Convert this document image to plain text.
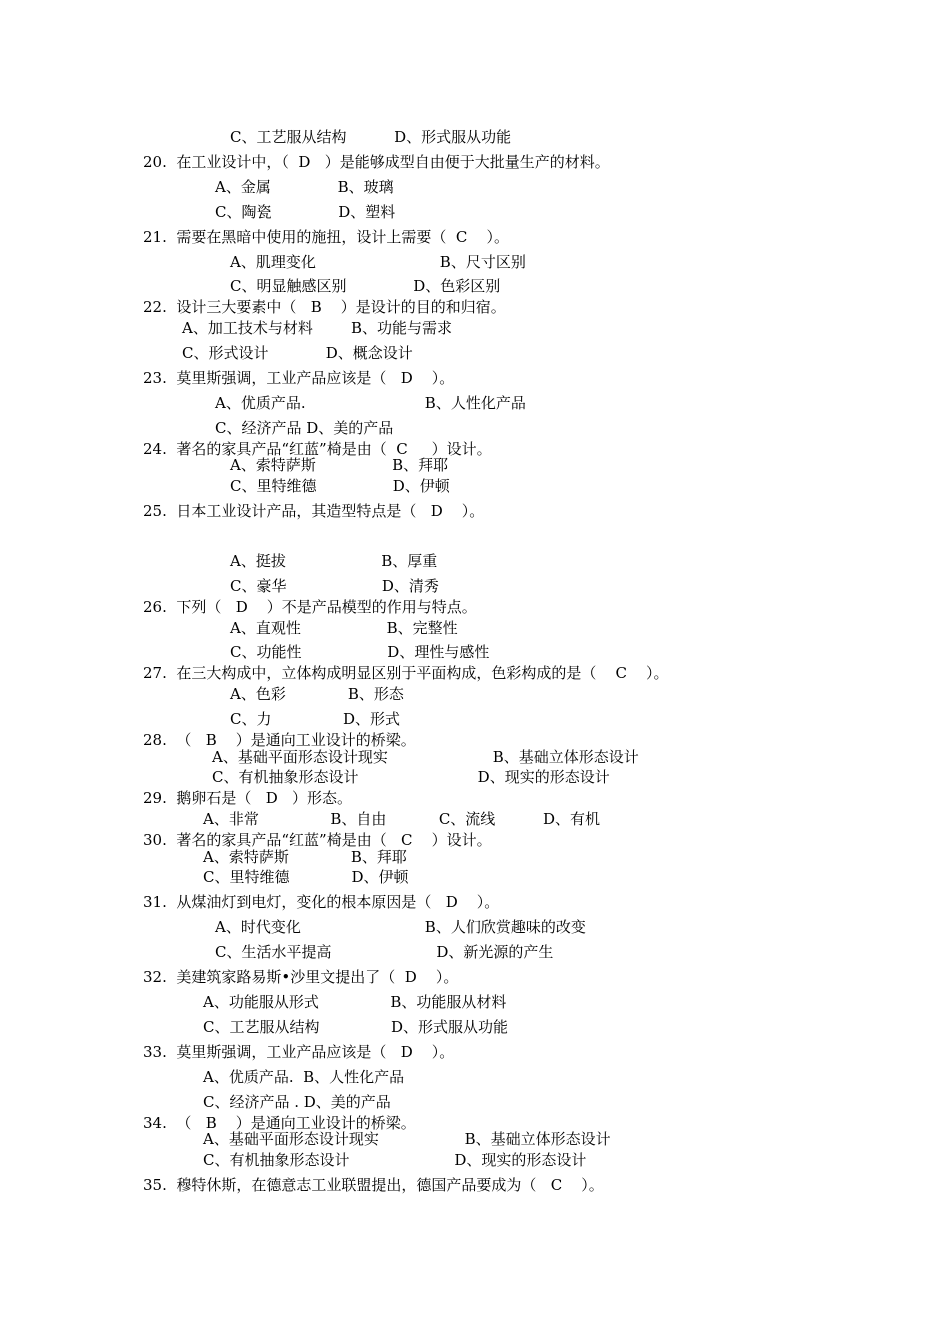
C、工艺服从结构          D、形式服从功能
20.  在工业设计中，（  D   ）是能够成型自由便于大批量生产的材料。
A、金属              B、玻璃
C、陶瓷              D、塑料
21.  需要在黑暗中使用的施扭，设计上需要（  C    ）。
A、肌理变化                          B、尺寸区别
C、明显触感区别              D、色彩区别
22.  设计三大要素中（   B    ）是设计的目的和归宿。
A、加工技术与材料        B、功能与需求
C、形式设计            D、概念设计
23.  莫里斯强调，工业产品应该是（   D    ）。
A、优质产品.                         B、人性化产品
C、经济产品 D、美的产品
24.  著名的家具产品“红蓝”椅是由（  C     ）设计。
A、索特萨斯                B、拜耶
C、里特维德                D、伊顿
25.  日本工业设计产品，其造型特点是（   D    ）。
A、挺拔                    B、厚重
C、豪华                    D、清秀
26.  下列（   D    ）不是产品模型的作用与特点。
A、直观性                  B、完整性
C、功能性                  D、理性与感性
27.  在三大构成中，立体构成明显区别于平面构成，色彩构成的是（    C    ）。
A、色彩             B、形态
C、力               D、形式
28.  （   B    ）是通向工业设计的桥梁。
A、基础平面形态设计现实                      B、基础立体形态设计
C、有机抽象形态设计                         D、现实的形态设计
29.  鹅卵石是（   D   ）形态。
A、非常               B、自由           C、流线          D、有机
30.  著名的家具产品“红蓝”椅是由（   C    ）设计。
A、索特萨斯             B、拜耶
C、里特维德             D、伊顿
31.  从煤油灯到电灯，变化的根本原因是（   D    ）。
A、时代变化                          B、人们欣赏趣味的改变
C、生活水平提高                      D、新光源的产生
32.  美建筑家路易斯•沙里文提出了（  D    ）。
A、功能服从形式               B、功能服从材料
C、工艺服从结构               D、形式服从功能
33.  莫里斯强调，工业产品应该是（   D    ）。
A、优质产品.  B、人性化产品
C、经济产品 . D、美的产品
34.  （   B    ）是通向工业设计的桥梁。
A、基础平面形态设计现实                  B、基础立体形态设计
C、有机抽象形态设计                      D、现实的形态设计
35.  穆特休斯，在德意志工业联盟提出，德国产品要成为（   C    ）。
